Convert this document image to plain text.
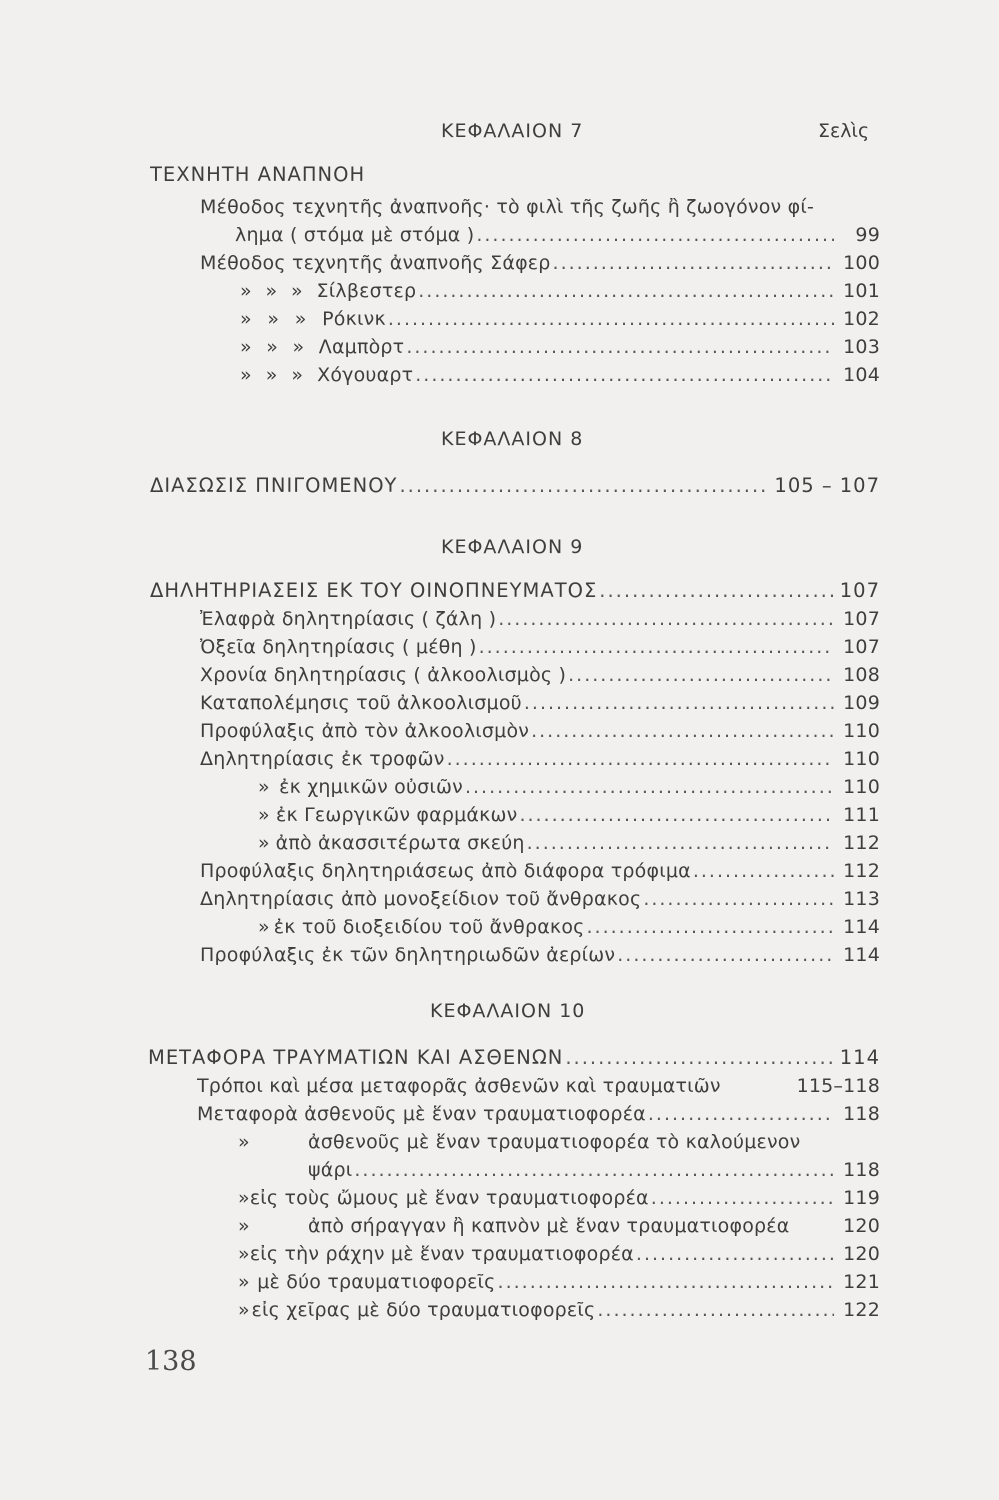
ΚΕΦΑΛΑΙΟΝ 7	Σελὶς
ΤΕΧΝΗΤΗ ΑΝΑΠΝΟΗ
Μέθοδος τεχνητῆς ἀναπνοῆς· τὸ φιλὶ τῆς ζωῆς ἢ ζωογόνον φί-
λημα ( στόμα μὲ στόμα ) .....	99
Μέθοδος τεχνητῆς ἀναπνοῆς Σάφερ .....	100
» » » Σίλβεστερ .....	101
» » » Ρόκινκ .....	102
» » » Λαμπὸρτ .....	103
» » » Χόγουαρτ .....	104
ΚΕΦΑΛΑΙΟΝ 8
ΔΙΑΣΩΣΙΣ ΠΝΙΓΟΜΕΝΟΥ .....	105 – 107
ΚΕΦΑΛΑΙΟΝ 9
ΔΗΛΗΤΗΡΙΑΣΕΙΣ ΕΚ ΤΟΥ ΟΙΝΟΠΝΕΥΜΑΤΟΣ .....	107
Ἐλαφρὰ δηλητηρίασις ( ζάλη ) .....	107
Ὀξεῖα δηλητηρίασις ( μέθη ) .....	107
Χρονία δηλητηρίασις ( ἀλκοολισμὸς ) .....	108
Καταπολέμησις τοῦ ἀλκοολισμοῦ .....	109
Προφύλαξις ἀπὸ τὸν ἀλκοολισμὸν .....	110
Δηλητηρίασις ἐκ τροφῶν .....	110
» ἐκ χημικῶν οὐσιῶν .....	110
» ἐκ Γεωργικῶν φαρμάκων .....	111
» ἀπὸ ἀκασσιτέρωτα σκεύη .....	112
Προφύλαξις δηλητηριάσεως ἀπὸ διάφορα τρόφιμα .....	112
Δηλητηρίασις ἀπὸ μονοξείδιον τοῦ ἄνθρακος .....	113
» ἐκ τοῦ διοξειδίου τοῦ ἄνθρακος .....	114
Προφύλαξις ἐκ τῶν δηλητηριωδῶν ἀερίων .....	114
ΚΕΦΑΛΑΙΟΝ 10
ΜΕΤΑΦΟΡΑ ΤΡΑΥΜΑΤΙΩΝ ΚΑΙ ΑΣΘΕΝΩΝ .....	114
Τρόποι καὶ μέσα μεταφορᾶς ἀσθενῶν καὶ τραυματιῶν	115–118
Μεταφορὰ ἀσθενοῦς μὲ ἕναν τραυματιοφορέα .....	118
»	ἀσθενοῦς μὲ ἕναν τραυματιοφορέα τὸ καλούμενον
ψάρι .....	118
» εἰς τοὺς ὤμους μὲ ἕναν τραυματιοφορέα .....	119
»	ἀπὸ σήραγγαν ἢ καπνὸν μὲ ἕναν τραυματιοφορέα	120
» εἰς τὴν ράχην μὲ ἕναν τραυματιοφορέα .....	120
» μὲ δύο τραυματιοφορεῖς .....	121
» εἰς χεῖρας μὲ δύο τραυματιοφορεῖς .....	122
138
